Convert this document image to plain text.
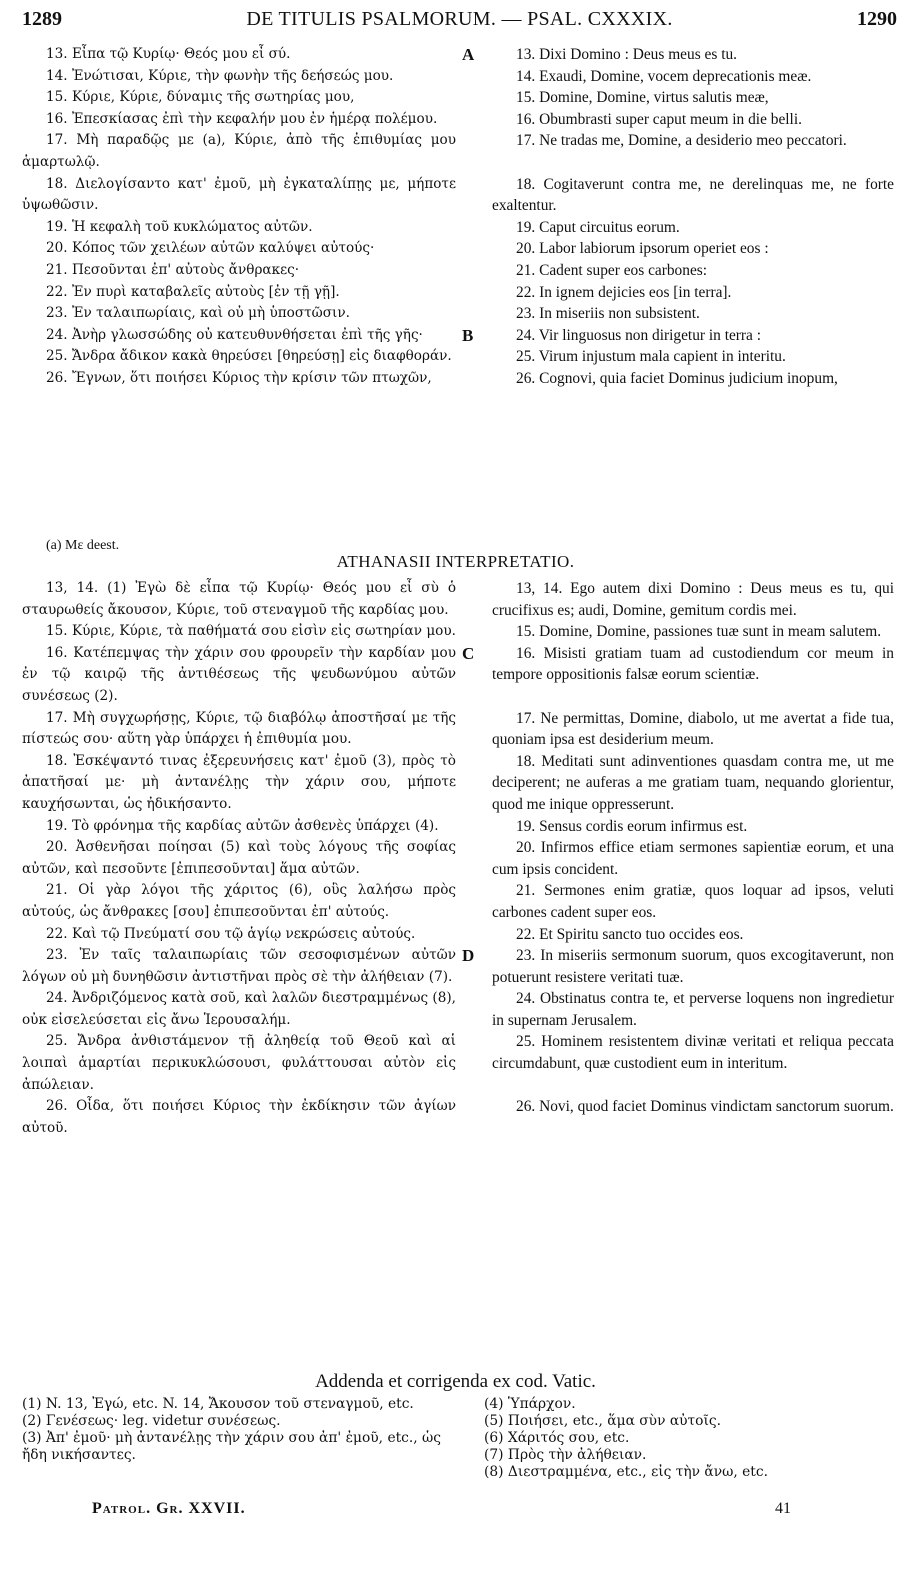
1289	DE TITULIS PSALMORUM. — PSAL. CXXXIX.	1290
13. Εἶπα τῷ Κυρίῳ· Θεός μου εἶ σύ.	A	13. Dixi Domino : Deus meus es tu.
14. Ἐνώτισαι, Κύριε, τὴν φωνὴν τῆς δεήσεώς μου.	14. Exaudi, Domine, vocem deprecationis meæ.
15. Κύριε, Κύριε, δύναμις τῆς σωτηρίας μου,	15. Domine, Domine, virtus salutis meæ,
16. Ἐπεσκίασας ἐπὶ τὴν κεφαλήν μου ἐν ἡμέρᾳ πολέμου.	16. Obumbrasti super caput meum in die belli.
17. Μὴ παραδῷς με (a), Κύριε, ἀπὸ τῆς ἐπιθυμίας μου ἁμαρτωλῷ.
17. Ne tradas me, Domine, a desiderio meo peccatori.
18. Διελογίσαντο κατ' ἐμοῦ, μὴ ἐγκαταλίπῃς με, μήποτε ὑψωθῶσιν.
18. Cogitaverunt contra me, ne derelinquas me, ne forte exaltentur.
19. Ἡ κεφαλὴ τοῦ κυκλώματος αὐτῶν.	19. Caput circuitus eorum.
20. Κόπος τῶν χειλέων αὐτῶν καλύψει αὐτούς·	20. Labor labiorum ipsorum operiet eos :
21. Πεσοῦνται ἐπ' αὐτοὺς ἄνθρακες·	21. Cadent super eos carbones:
22. Ἐν πυρὶ καταβαλεῖς αὐτοὺς [ἐν τῇ γῇ].	22. In ignem dejicies eos [in terra].
23. Ἐν ταλαιπωρίαις, καὶ οὐ μὴ ὑποστῶσιν.	23. In miseriis non subsistent.
24. Ἀνὴρ γλωσσώδης οὐ κατευθυνθήσεται ἐπὶ τῆς γῆς·	B	24. Vir linguosus non dirigetur in terra :
25. Ἄνδρα ἄδικον κακὰ θηρεύσει [θηρεύσῃ] εἰς διαφθοράν.	25. Virum injustum mala capient in interitu.
26. Ἔγνων, ὅτι ποιήσει Κύριος τὴν κρίσιν τῶν πτωχῶν,	26. Cognovi, quia faciet Dominus judicium inopum,
(a) Με deest.
ATHANASII INTERPRETATIO.
13, 14. (1) Ἐγὼ δὲ εἶπα τῷ Κυρίῳ· Θεός μου εἶ σὺ ὁ σταυρωθείς ἄκουσον, Κύριε, τοῦ στεναγμοῦ τῆς καρδίας μου.
13, 14. Ego autem dixi Domino : Deus meus es tu, qui crucifixus es; audi, Domine, gemitum cordis mei.
15. Κύριε, Κύριε, τὰ παθήματά σου εἰσὶν εἰς σωτηρίαν μου.	15. Domine, Domine, passiones tuæ sunt in meam salutem.
16. Κατέπεμψας τὴν χάριν σου φρουρεῖν τὴν καρδίαν μου ἐν τῷ καιρῷ τῆς ἀντιθέσεως τῆς ψευδωνύμου αὐτῶν συνέσεως (2).
C	16. Misisti gratiam tuam ad custodiendum cor meum in tempore oppositionis falsæ eorum scientiæ.
17. Μὴ συγχωρήσῃς, Κύριε, τῷ διαβόλῳ ἀποστῆσαί με τῆς πίστεώς σου· αὕτη γὰρ ὑπάρχει ἡ ἐπιθυμία μου.
17. Ne permittas, Domine, diabolo, ut me avertat a fide tua, quoniam ipsa est desiderium meum.
18. Ἐσκέψαντό τινας ἐξερευνήσεις κατ' ἐμοῦ (3), πρὸς τὸ ἀπατῆσαί με· μὴ ἀντανέλῃς τὴν χάριν σου, μήποτε καυχήσωνται, ὡς ἠδικήσαντο.
18. Meditati sunt adinventiones quasdam contra me, ut me deciperent; ne auferas a me gratiam tuam, nequando glorientur, quod me inique oppresserunt.
19. Τὸ φρόνημα τῆς καρδίας αὐτῶν ἀσθενὲς ὑπάρχει (4).	19. Sensus cordis eorum infirmus est.
20. Ἀσθενῆσαι ποίησαι (5) καὶ τοὺς λόγους τῆς σοφίας αὐτῶν, καὶ πεσοῦντε [ἐπιπεσοῦνται] ἅμα αὐτῶν.
20. Infirmos effice etiam sermones sapientiæ eorum, et una cum ipsis concident.
21. Οἱ γὰρ λόγοι τῆς χάριτος (6), οὓς λαλήσω πρὸς αὐτούς, ὡς ἄνθρακες [σου] ἐπιπεσοῦνται ἐπ' αὐτούς.
21. Sermones enim gratiæ, quos loquar ad ipsos, veluti carbones cadent super eos.
22. Καὶ τῷ Πνεύματί σου τῷ ἁγίῳ νεκρώσεις αὐτούς.	22. Et Spiritu sancto tuo occides eos.
23. Ἐν ταῖς ταλαιπωρίαις τῶν σεσοφισμένων αὐτῶν λόγων οὐ μὴ δυνηθῶσιν ἀντιστῆναι πρὸς σὲ τὴν ἀλήθειαν (7).
D	23. In miseriis sermonum suorum, quos excogitaverunt, non potuerunt resistere veritati tuæ.
24. Ἀνδριζόμενος κατὰ σοῦ, καὶ λαλῶν διεστραμμένως (8), οὐκ εἰσελεύσεται εἰς ἄνω Ἱερουσαλήμ.
24. Obstinatus contra te, et perverse loquens non ingredietur in supernam Jerusalem.
25. Ἄνδρα ἀνθιστάμενον τῇ ἀληθείᾳ τοῦ Θεοῦ καὶ αἱ λοιπαὶ ἁμαρτίαι περικυκλώσουσι, φυλάττουσαι αὐτὸν εἰς ἀπώλειαν.
25. Hominem resistentem divinæ veritati et reliqua peccata circumdabunt, quæ custodient eum in interitum.
26. Οἶδα, ὅτι ποιήσει Κύριος τὴν ἐκδίκησιν τῶν ἁγίων αὐτοῦ.
26. Novi, quod faciet Dominus vindictam sanctorum suorum.
Addenda et corrigenda ex cod. Vatic.
(1) N. 13, Ἐγώ, etc. N. 14, Ἄκουσον τοῦ στεναγμοῦ, etc.
(2) Γενέσεως· leg. videtur συνέσεως.
(3) Ἀπ' ἐμοῦ· μὴ ἀντανέλῃς τὴν χάριν σου ἀπ' ἐμοῦ, etc., ὡς ἤδη νικήσαντες.
(4) Ὑπάρχον.
(5) Ποιήσει, etc., ἅμα σὺν αὐτοῖς.
(6) Χάριτός σου, etc.
(7) Πρὸς τὴν ἀλήθειαν.
(8) Διεστραμμένα, etc., εἰς τὴν ἄνω, etc.
Patrol. Gr. XXVII.	41
